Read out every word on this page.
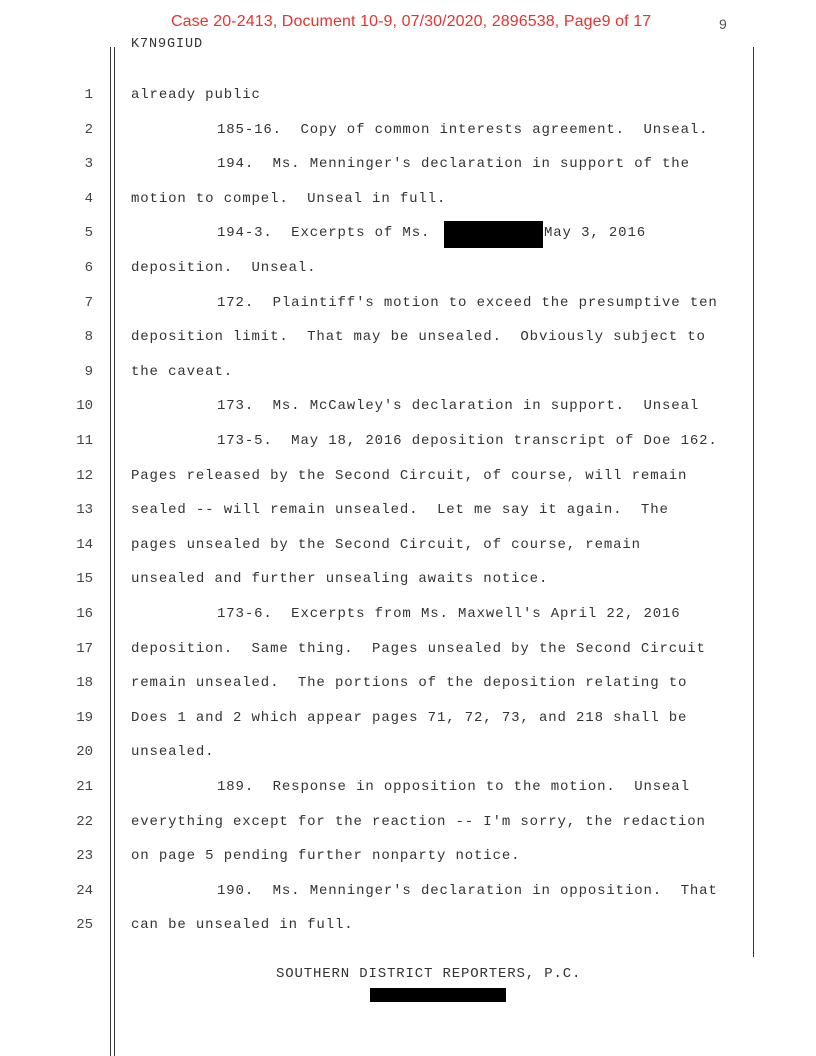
Case 20-2413, Document 10-9, 07/30/2020, 2896538, Page9 of 17	9
K7N9GIUD
1	already public
2	185-16.  Copy of common interests agreement.  Unseal.
3	194.  Ms. Menninger's declaration in support of the
4	motion to compel.  Unseal in full.
5	194-3.  Excerpts of Ms.	May 3, 2016
6	deposition.  Unseal.
7	172.  Plaintiff's motion to exceed the presumptive ten
8	deposition limit.  That may be unsealed.  Obviously subject to
9	the caveat.
10	173.  Ms. McCawley's declaration in support.  Unseal
11	173-5.  May 18, 2016 deposition transcript of Doe 162.
12	Pages released by the Second Circuit, of course, will remain
13	sealed -- will remain unsealed.  Let me say it again.  The
14	pages unsealed by the Second Circuit, of course, remain
15	unsealed and further unsealing awaits notice.
16	173-6.  Excerpts from Ms. Maxwell's April 22, 2016
17	deposition.  Same thing.  Pages unsealed by the Second Circuit
18	remain unsealed.  The portions of the deposition relating to
19	Does 1 and 2 which appear pages 71, 72, 73, and 218 shall be
20	unsealed.
21	189.  Response in opposition to the motion.  Unseal
22	everything except for the reaction -- I'm sorry, the redaction
23	on page 5 pending further nonparty notice.
24	190.  Ms. Menninger's declaration in opposition.  That
25	can be unsealed in full.
SOUTHERN DISTRICT REPORTERS, P.C.
